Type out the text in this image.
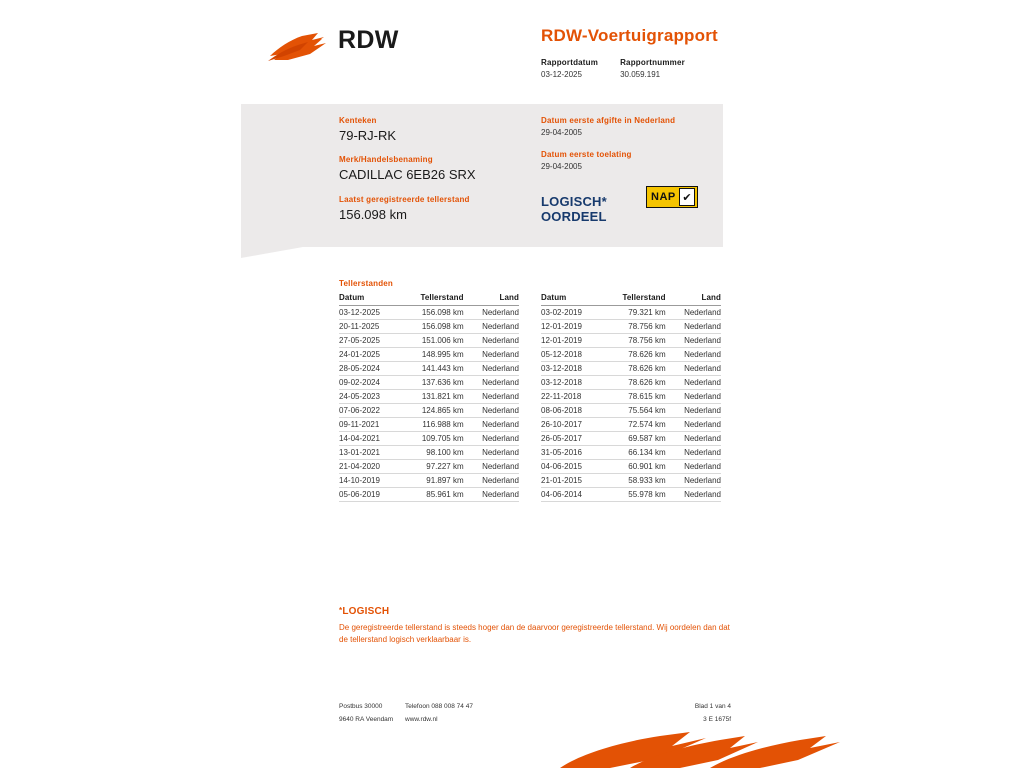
RDW	RDW-Voertuigrapport
Rapportdatum
03-12-2025
Rapportnummer
30.059.191
Kenteken
79-RJ-RK
Merk/Handelsbenaming
CADILLAC 6EB26 SRX
Laatst geregistreerde tellerstand
156.098 km
Datum eerste afgifte in Nederland
29-04-2005
Datum eerste toelating
29-04-2005
LOGISCH*
OORDEEL
NAP ✔
Tellerstanden
Datum	Tellerstand	Land
03-12-2025	156.098 km	Nederland
20-11-2025	156.098 km	Nederland
27-05-2025	151.006 km	Nederland
24-01-2025	148.995 km	Nederland
28-05-2024	141.443 km	Nederland
09-02-2024	137.636 km	Nederland
24-05-2023	131.821 km	Nederland
07-06-2022	124.865 km	Nederland
09-11-2021	116.988 km	Nederland
14-04-2021	109.705 km	Nederland
13-01-2021	98.100 km	Nederland
21-04-2020	97.227 km	Nederland
14-10-2019	91.897 km	Nederland
05-06-2019	85.961 km	Nederland
Datum	Tellerstand	Land
03-02-2019	79.321 km	Nederland
12-01-2019	78.756 km	Nederland
12-01-2019	78.756 km	Nederland
05-12-2018	78.626 km	Nederland
03-12-2018	78.626 km	Nederland
03-12-2018	78.626 km	Nederland
22-11-2018	78.615 km	Nederland
08-06-2018	75.564 km	Nederland
26-10-2017	72.574 km	Nederland
26-05-2017	69.587 km	Nederland
31-05-2016	66.134 km	Nederland
04-06-2015	60.901 km	Nederland
21-01-2015	58.933 km	Nederland
04-06-2014	55.978 km	Nederland
*LOGISCH
De geregistreerde tellerstand is steeds hoger dan de daarvoor geregistreerde tellerstand. Wij oordelen dan dat de tellerstand logisch verklaarbaar is.
Postbus 30000	Telefoon 088 008 74 47	Blad 1 van 4
9640 RA Veendam	www.rdw.nl	3 E 1675f
